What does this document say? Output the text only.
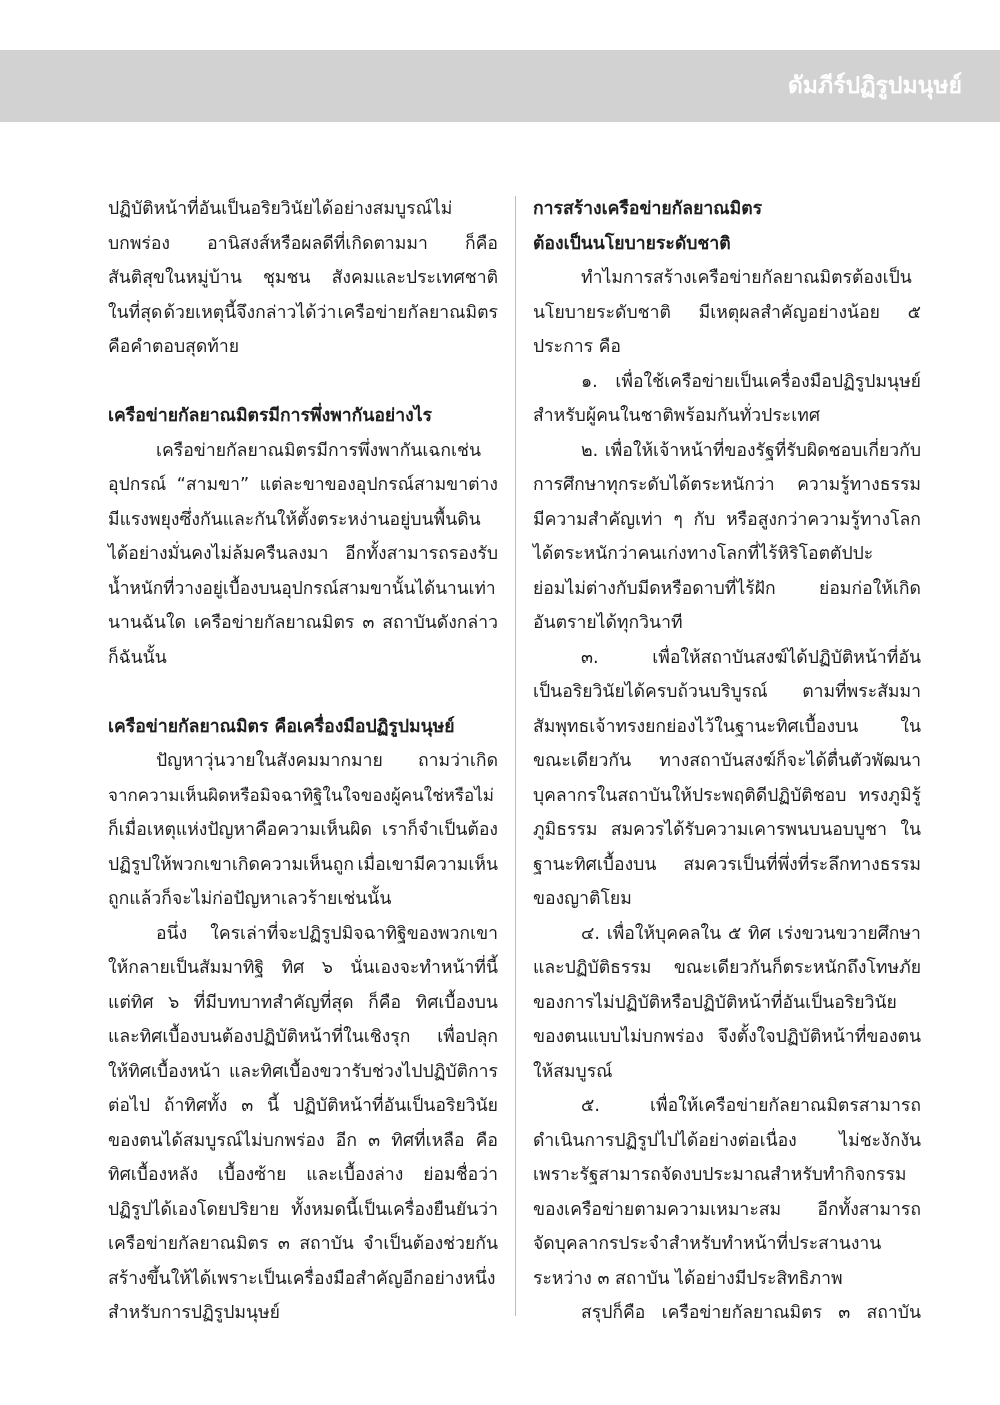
ดัมภีร์ปฏิรูปมนุษย์
ปฏิบัติหน้าที่อันเป็นอริยวินัยได้อย่างสมบูรณ์ไม่
บกพร่อง อานิสงส์หรือผลดีที่เกิดตามมา ก็คือ
สันติสุขในหมู่บ้าน ชุมชน สังคมและประเทศชาติ
ในที่สุด ด้วยเหตุนี้จึงกล่าวได้ว่า เครือข่ายกัลยาณมิตร
คือคำตอบสุดท้าย
เครือข่ายกัลยาณมิตรมีการพึ่งพากันอย่างไร
เครือข่ายกัลยาณมิตรมีการพึ่งพากันเฉกเช่น
อุปกรณ์ “สามขา” แต่ละขาของอุปกรณ์สามขาต่าง
มีแรงพยุงซึ่งกันและกันให้ตั้งตระหง่านอยู่บนพื้นดิน
ได้อย่างมั่นคงไม่ล้มครืนลงมา อีกทั้งสามารถรองรับ
น้ำหนักที่วางอยู่เบื้องบนอุปกรณ์สามขานั้นได้นานเท่า
นานฉันใด เครือข่ายกัลยาณมิตร ๓ สถาบันดังกล่าว
ก็ฉันนั้น
เครือข่ายกัลยาณมิตร คือเครื่องมือปฏิรูปมนุษย์
ปัญหาวุ่นวายในสังคมมากมาย ถามว่าเกิด
จากความเห็นผิดหรือมิจฉาทิฐิในใจของผู้คนใช่หรือไม่
ก็เมื่อเหตุแห่งปัญหาคือความเห็นผิด เราก็จำเป็นต้อง
ปฏิรูปให้พวกเขาเกิดความเห็นถูก เมื่อเขามีความเห็น
ถูกแล้วก็จะไม่ก่อปัญหาเลวร้ายเช่นนั้น
อนึ่ง ใครเล่าที่จะปฏิรูปมิจฉาทิฐิของพวกเขา
ให้กลายเป็นสัมมาทิฐิ ทิศ ๖ นั่นเองจะทำหน้าที่นี้
แต่ทิศ ๖ ที่มีบทบาทสำคัญที่สุด ก็คือ ทิศเบื้องบน
และทิศเบื้องบนต้องปฏิบัติหน้าที่ในเชิงรุก เพื่อปลุก
ให้ทิศเบื้องหน้า และทิศเบื้องขวารับช่วงไปปฏิบัติการ
ต่อไป ถ้าทิศทั้ง ๓ นี้ ปฏิบัติหน้าที่อันเป็นอริยวินัย
ของตนได้สมบูรณ์ไม่บกพร่อง อีก ๓ ทิศที่เหลือ คือ
ทิศเบื้องหลัง เบื้องซ้าย และเบื้องล่าง ย่อมชื่อว่า
ปฏิรูปได้เองโดยปริยาย ทั้งหมดนี้เป็นเครื่องยืนยันว่า
เครือข่ายกัลยาณมิตร ๓ สถาบัน จำเป็นต้องช่วยกัน
สร้างขึ้นให้ได้เพราะเป็นเครื่องมือสำคัญอีกอย่างหนึ่ง
สำหรับการปฏิรูปมนุษย์
การสร้างเครือข่ายกัลยาณมิตร
ต้องเป็นนโยบายระดับชาติ
ทำไมการสร้างเครือข่ายกัลยาณมิตรต้องเป็น
นโยบายระดับชาติ มีเหตุผลสำคัญอย่างน้อย ๕
ประการ คือ
๑. เพื่อใช้เครือข่ายเป็นเครื่องมือปฏิรูปมนุษย์
สำหรับผู้คนในชาติพร้อมกันทั่วประเทศ
๒. เพื่อให้เจ้าหน้าที่ของรัฐที่รับผิดชอบเกี่ยวกับ
การศึกษาทุกระดับได้ตระหนักว่า ความรู้ทางธรรม
มีความสำคัญเท่า ๆ กับ หรือสูงกว่าความรู้ทางโลก
ได้ตระหนักว่าคนเก่งทางโลกที่ไร้หิริโอตตัปปะ
ย่อมไม่ต่างกับมีดหรือดาบที่ไร้ฝัก ย่อมก่อให้เกิด
อันตรายได้ทุกวินาที
๓.	เพื่อให้สถาบันสงฆ์ได้ปฏิบัติหน้าที่อัน
เป็นอริยวินัยได้ครบถ้วนบริบูรณ์ ตามที่พระสัมมา
สัมพุทธเจ้าทรงยกย่องไว้ในฐานะทิศเบื้องบน ใน
ขณะเดียวกัน ทางสถาบันสงฆ์ก็จะได้ตื่นตัวพัฒนา
บุคลากรในสถาบันให้ประพฤติดีปฏิบัติชอบ ทรงภูมิรู้
ภูมิธรรม สมควรได้รับความเคารพนบนอบบูชา ใน
ฐานะทิศเบื้องบน สมควรเป็นที่พึ่งที่ระลึกทางธรรม
ของญาติโยม
๔. เพื่อให้บุคคลใน ๕ ทิศ เร่งขวนขวายศึกษา
และปฏิบัติธรรม ขณะเดียวกันก็ตระหนักถึงโทษภัย
ของการไม่ปฏิบัติหรือปฏิบัติหน้าที่อันเป็นอริยวินัย
ของตนแบบไม่บกพร่อง จึงตั้งใจปฏิบัติหน้าที่ของตน
ให้สมบูรณ์
๕.	เพื่อให้เครือข่ายกัลยาณมิตรสามารถ
ดำเนินการปฏิรูปไปได้อย่างต่อเนื่อง ไม่ชะงักงัน
เพราะรัฐสามารถจัดงบประมาณสำหรับทำกิจกรรม
ของเครือข่ายตามความเหมาะสม อีกทั้งสามารถ
จัดบุคลากรประจำสำหรับทำหน้าที่ประสานงาน
ระหว่าง ๓ สถาบัน ได้อย่างมีประสิทธิภาพ
สรุปก็คือ เครือข่ายกัลยาณมิตร ๓ สถาบัน
